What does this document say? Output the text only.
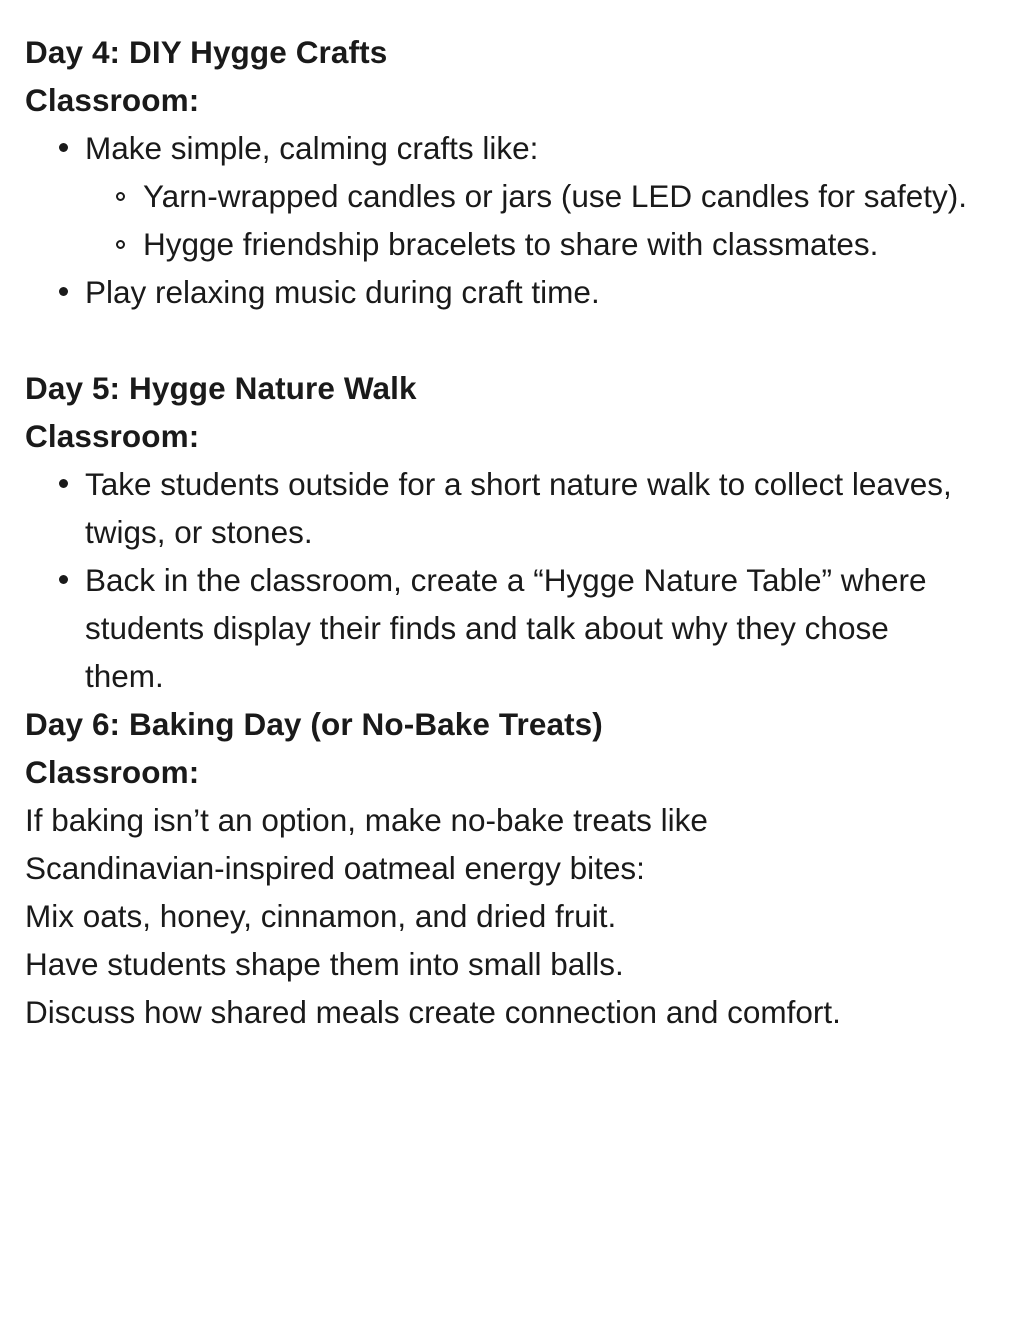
Day 4: DIY Hygge Crafts
Classroom:
Make simple, calming crafts like:
Yarn-wrapped candles or jars (use LED candles for safety).
Hygge friendship bracelets to share with classmates.
Play relaxing music during craft time.
Day 5: Hygge Nature Walk
Classroom:
Take students outside for a short nature walk to collect leaves, twigs, or stones.
Back in the classroom, create a “Hygge Nature Table” where students display their finds and talk about why they chose them.
Day 6: Baking Day (or No-Bake Treats)
Classroom:
If baking isn’t an option, make no-bake treats like
Scandinavian-inspired oatmeal energy bites:
Mix oats, honey, cinnamon, and dried fruit.
Have students shape them into small balls.
Discuss how shared meals create connection and comfort.
